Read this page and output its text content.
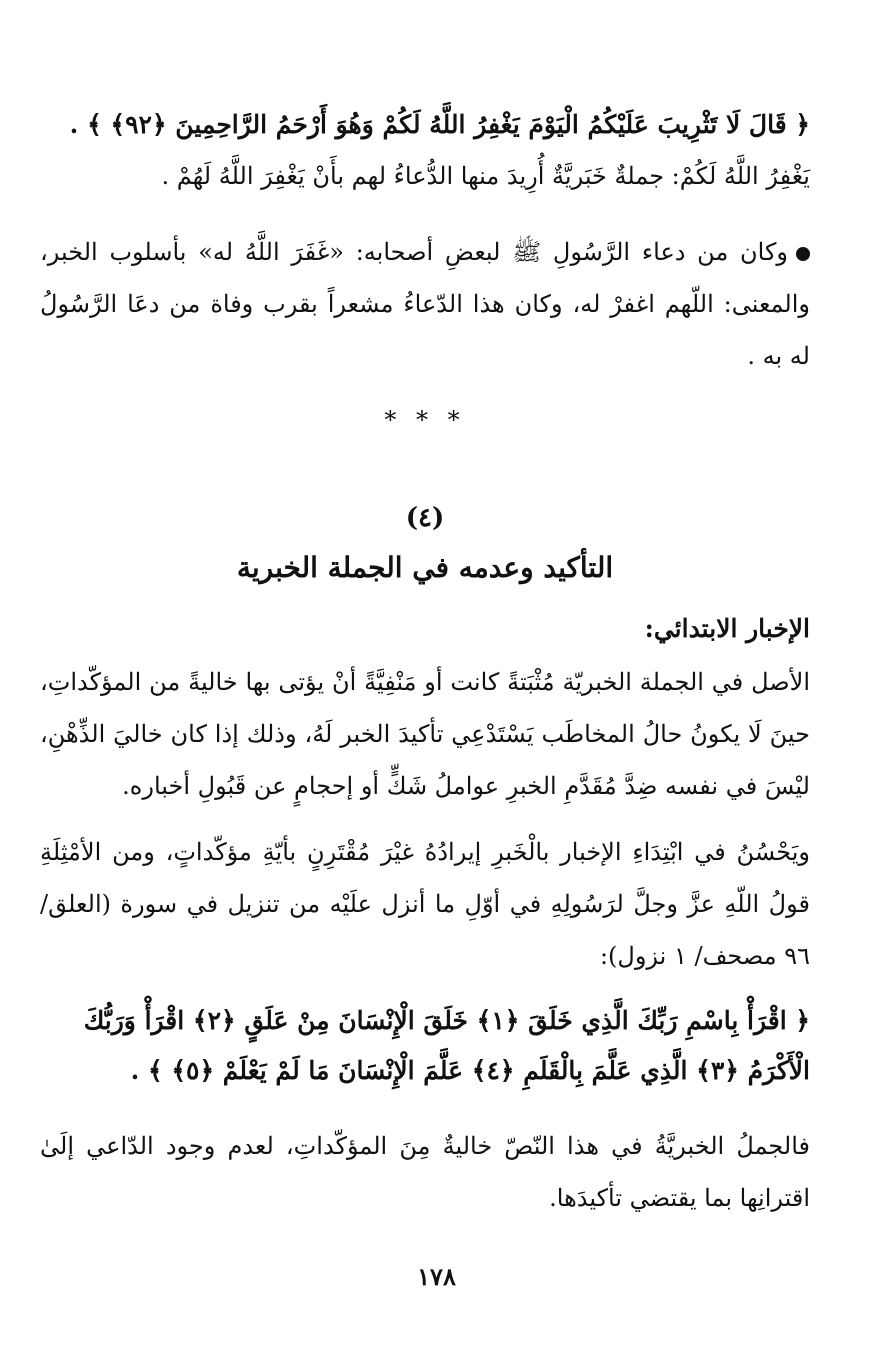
﴿ قَالَ لَا تَثْرِيبَ عَلَيْكُمُ الْيَوْمَ يَغْفِرُ اللَّهُ لَكُمْ وَهُوَ أَرْحَمُ الرَّاحِمِينَ ﴿٩٢﴾ ﴾ .
يَغْفِرُ اللَّهُ لَكُمْ: جملةٌ خَبَريَّةٌ أُرِيدَ منها الدُّعاءُ لهم بأَنْ يَغْفِرَ اللَّهُ لَهُمْ .
وكان من دعاء الرَّسُولِ ﷺ لبعضِ أصحابه: «غَفَرَ اللَّهُ له» بأسلوب الخبر، والمعنى: اللّهم اغفرْ له، وكان هذا الدّعاءُ مشعراً بقرب وفاة من دعَا الرَّسُولُ له به .
* * *
(٤)
التأكيد وعدمه في الجملة الخبرية
الإخبار الابتدائي:
الأصل في الجملة الخبريّة مُثْبَتةً كانت أو مَنْفِيَّةً أنْ يؤتى بها خاليةً من المؤكّداتِ، حينَ لَا يكونُ حالُ المخاطَب يَسْتَدْعِي تأكيدَ الخبر لَهُ، وذلك إذا كان خاليَ الذِّهْنِ، ليْسَ في نفسه ضِدَّ مُقَدَّمِ الخبرِ عواملُ شَكٍّ أو إحجامٍ عن قَبُولِ أخباره.
ويَحْسُنُ في ابْتِدَاءِ الإخبار بالْخَبرِ إيرادُهُ غيْرَ مُقْتَرِنٍ بأيّةِ مؤكّداتٍ، ومن الأمْثِلَةِ قولُ اللّهِ عزَّ وجلَّ لرَسُولِهِ في أوّلِ ما أنزل علَيْه من تنزيل في سورة (العلق/ ٩٦ مصحف/ ١ نزول):
﴿ اقْرَأْ بِاسْمِ رَبِّكَ الَّذِي خَلَقَ ﴿١﴾ خَلَقَ الْإِنْسَانَ مِنْ عَلَقٍ ﴿٢﴾ اقْرَأْ وَرَبُّكَ الْأَكْرَمُ ﴿٣﴾ الَّذِي عَلَّمَ بِالْقَلَمِ ﴿٤﴾ عَلَّمَ الْإِنْسَانَ مَا لَمْ يَعْلَمْ ﴿٥﴾ ﴾ .
فالجملُ الخبريَّةُ في هذا النّصّ خاليةٌ مِنَ المؤكّداتِ، لعدم وجود الدّاعي إلَىٰ اقترانِها بما يقتضي تأكيدَها.
١٧٨
